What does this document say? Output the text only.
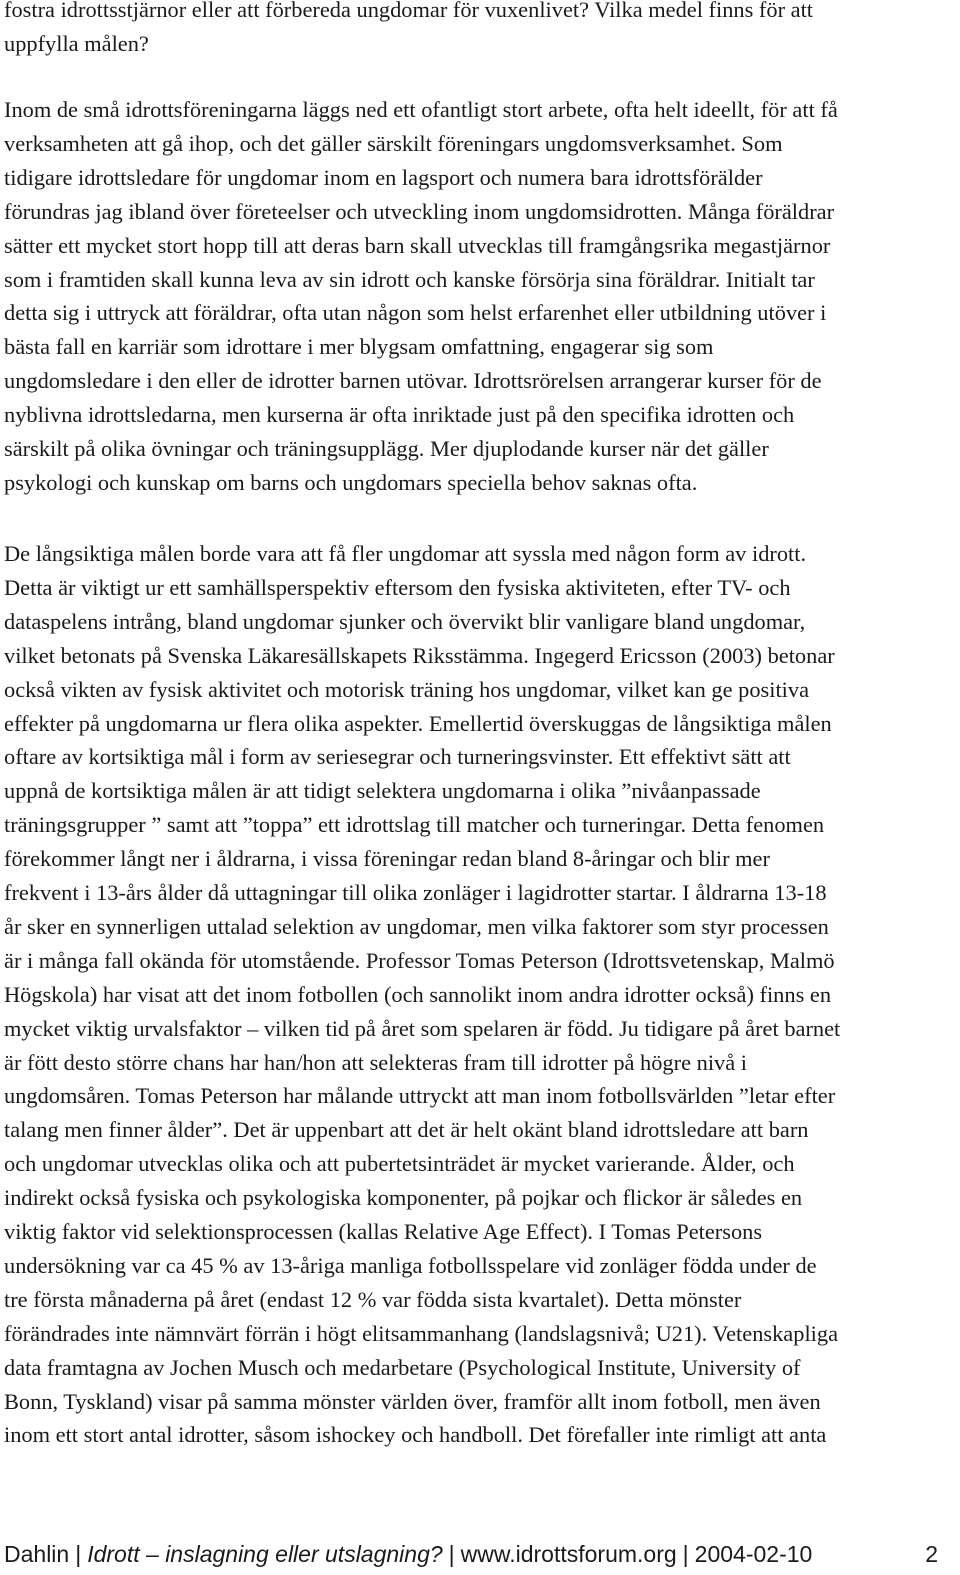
fostra idrottsstjärnor eller att förbereda ungdomar för vuxenlivet? Vilka medel finns för att
uppfylla målen?
Inom de små idrottsföreningarna läggs ned ett ofantligt stort arbete, ofta helt ideellt, för att få
verksamheten att gå ihop, och det gäller särskilt föreningars ungdomsverksamhet. Som
tidigare idrottsledare för ungdomar inom en lagsport och numera bara idrottsförälder
förundras jag ibland över företeelser och utveckling inom ungdomsidrotten. Många föräldrar
sätter ett mycket stort hopp till att deras barn skall utvecklas till framgångsrika megastjärnor
som i framtiden skall kunna leva av sin idrott och kanske försörja sina föräldrar. Initialt tar
detta sig i uttryck att föräldrar, ofta utan någon som helst erfarenhet eller utbildning utöver i
bästa fall en karriär som idrottare i mer blygsam omfattning, engagerar sig som
ungdomsledare i den eller de idrotter barnen utövar. Idrottsrörelsen arrangerar kurser för de
nyblivna idrottsledarna, men kurserna är ofta inriktade just på den specifika idrotten och
särskilt på olika övningar och träningsupplägg. Mer djuplodande kurser när det gäller
psykologi och kunskap om barns och ungdomars speciella behov saknas ofta.
De långsiktiga målen borde vara att få fler ungdomar att syssla med någon form av idrott.
Detta är viktigt ur ett samhällsperspektiv eftersom den fysiska aktiviteten, efter TV- och
dataspelens intrång, bland ungdomar sjunker och övervikt blir vanligare bland ungdomar,
vilket betonats på Svenska Läkaresällskapets Riksstämma. Ingegerd Ericsson (2003) betonar
också vikten av fysisk aktivitet och motorisk träning hos ungdomar, vilket kan ge positiva
effekter på ungdomarna ur flera olika aspekter. Emellertid överskuggas de långsiktiga målen
oftare av kortsiktiga mål i form av seriesegrar och turneringsvinster. Ett effektivt sätt att
uppnå de kortsiktiga målen är att tidigt selektera ungdomarna i olika ”nivåanpassade
träningsgrupper ” samt att ”toppa” ett idrottslag till matcher och turneringar. Detta fenomen
förekommer långt ner i åldrarna, i vissa föreningar redan bland 8-åringar och blir mer
frekvent i 13-års ålder då uttagningar till olika zonläger i lagidrotter startar. I åldrarna 13-18
år sker en synnerligen uttalad selektion av ungdomar, men vilka faktorer som styr processen
är i många fall okända för utomstående. Professor Tomas Peterson (Idrottsvetenskap, Malmö
Högskola) har visat att det inom fotbollen (och sannolikt inom andra idrotter också) finns en
mycket viktig urvalsfaktor – vilken tid på året som spelaren är född. Ju tidigare på året barnet
är fött desto större chans har han/hon att selekteras fram till idrotter på högre nivå i
ungdomsåren. Tomas Peterson har målande uttryckt att man inom fotbollsvärlden ”letar efter
talang men finner ålder”. Det är uppenbart att det är helt okänt bland idrottsledare att barn
och ungdomar utvecklas olika och att pubertetsinträdet är mycket varierande. Ålder, och
indirekt också fysiska och psykologiska komponenter, på pojkar och flickor är således en
viktig faktor vid selektionsprocessen (kallas Relative Age Effect). I Tomas Petersons
undersökning var ca 45 % av 13-åriga manliga fotbollsspelare vid zonläger födda under de
tre första månaderna på året (endast 12 % var födda sista kvartalet). Detta mönster
förändrades inte nämnvärt förrän i högt elitsammanhang (landslagsnivå; U21). Vetenskapliga
data framtagna av Jochen Musch och medarbetare (Psychological Institute, University of
Bonn, Tyskland) visar på samma mönster världen över, framför allt inom fotboll, men även
inom ett stort antal idrotter, såsom ishockey och handboll. Det förefaller inte rimligt att anta
Dahlin | Idrott – inslagning eller utslagning? | www.idrottsforum.org | 2004-02-10	2
